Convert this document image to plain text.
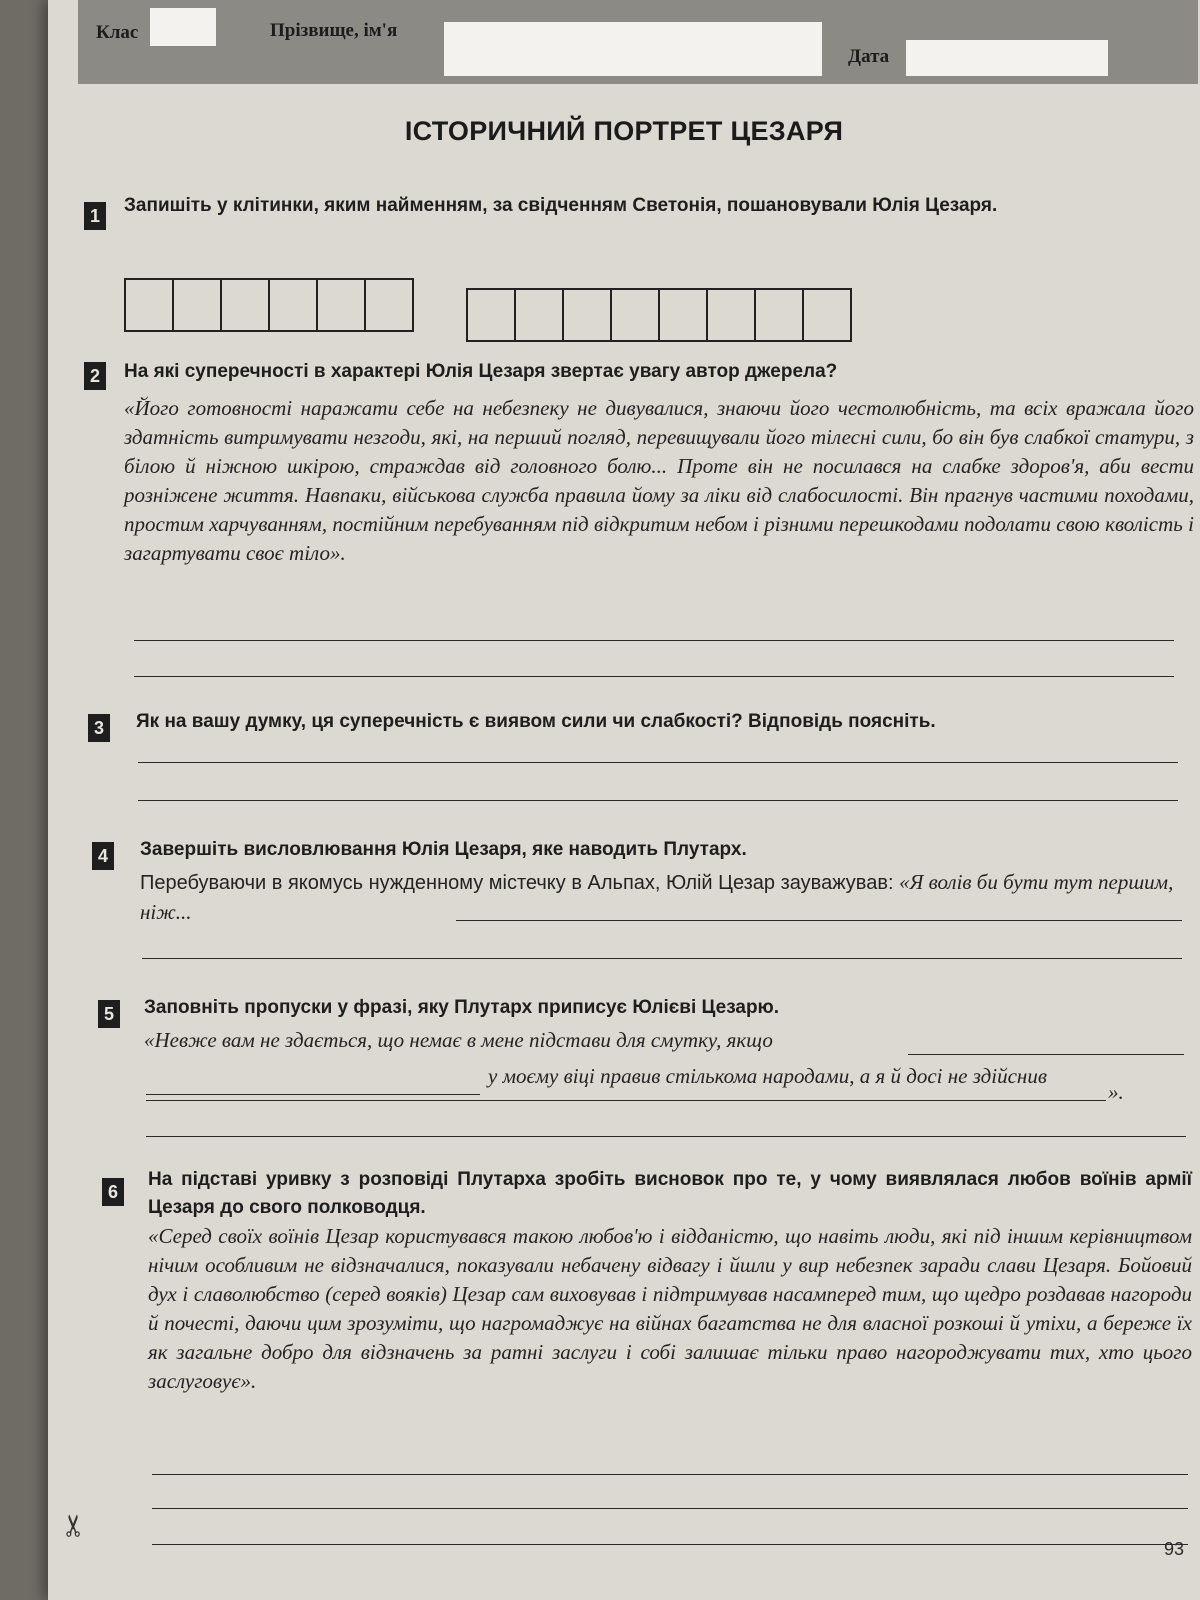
Клас	Прізвище, ім'я
Дата
ІСТОРИЧНИЙ ПОРТРЕТ ЦЕЗАРЯ
1	Запишіть у клітинки, яким найменням, за свідченням Светонія, пошановували Юлія Цезаря.
2	На які суперечності в характері Юлія Цезаря звертає увагу автор джерела?
«Його готовності наражати себе на небезпеку не дивувалися, знаючи його честолюбність, та всіх вражала його здатність витримувати незгоди, які, на перший погляд, перевищували його тілесні сили, бо він був слабкої статури, з білою й ніжною шкірою, страждав від головного болю... Проте він не посилався на слабке здоров'я, аби вести розніжене життя. Навпаки, військова служба правила йому за ліки від слабосилості. Він прагнув частими походами, простим харчуванням, постійним перебуванням під відкритим небом і різними перешкодами подолати свою кволість і загартувати своє тіло».
3	Як на вашу думку, ця суперечність є виявом сили чи слабкості? Відповідь поясніть.
4	Завершіть висловлювання Юлія Цезаря, яке наводить Плутарх.
Перебуваючи в якомусь нужденному містечку в Альпах, Юлій Цезар зауважував: «Я волів би бути тут першим, ніж...
5	Заповніть пропуски у фразі, яку Плутарх приписує Юлієві Цезарю.
«Невже вам не здається, що немає в мене підстави для смутку, якщо
у моєму віці правив стількома народами, а я й досі не здійснив
».
6
На підставі уривку з розповіді Плутарха зробіть висновок про те, у чому виявлялася любов воїнів армії Цезаря до свого полководця.
«Серед своїх воїнів Цезар користувався такою любов'ю і відданістю, що навіть люди, які під іншим керівництвом нічим особливим не відзначалися, показували небачену відвагу і йшли у вир небезпек заради слави Цезаря. Бойовий дух і славолюбство (серед вояків) Цезар сам виховував і підтримував насамперед тим, що щедро роздавав нагороди й почесті, даючи цим зрозуміти, що нагромаджує на війнах багатства не для власної розкоші й утіхи, а береже їх як загальне добро для відзначень за ратні заслуги і собі залишає тільки право нагороджувати тих, хто цього заслуговує».
✂
93
